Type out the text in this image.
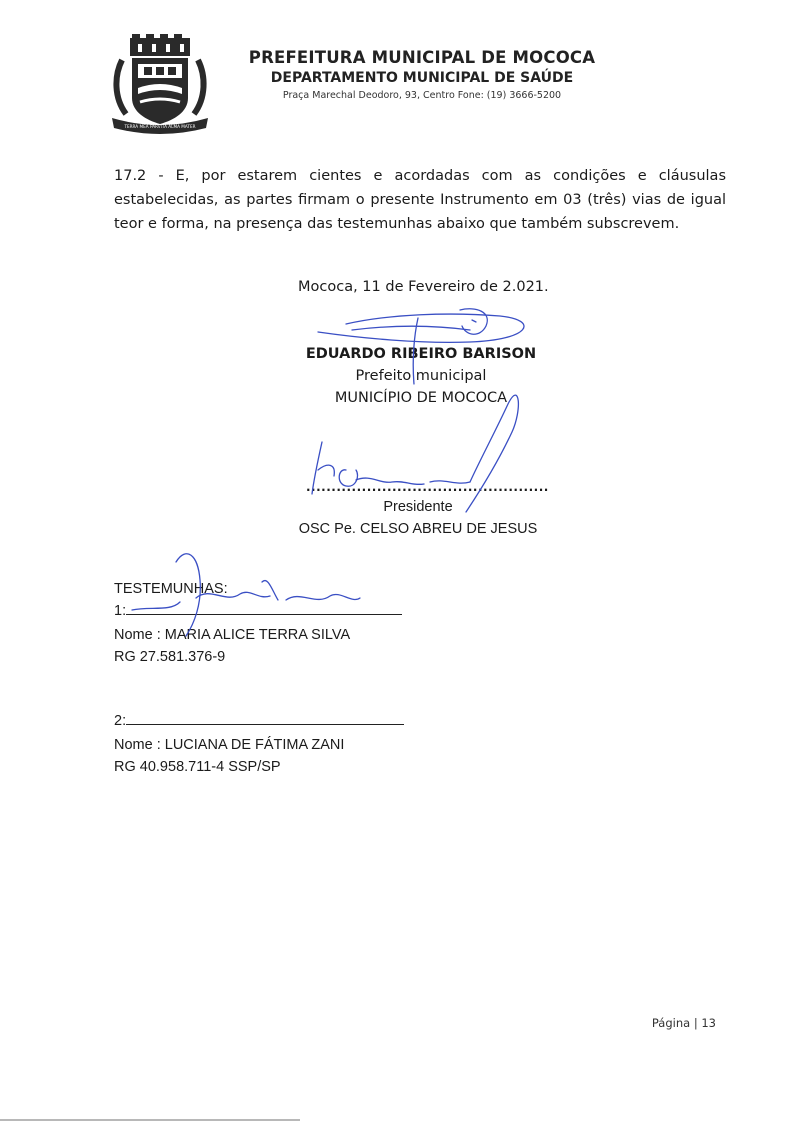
TERRA MEA PARVITA ALMA MATER
PREFEITURA MUNICIPAL DE MOCOCA
DEPARTAMENTO MUNICIPAL DE SAÚDE
Praça Marechal Deodoro, 93, Centro Fone: (19) 3666-5200
17.2 - E, por estarem cientes e acordadas com as condições e cláusulas estabelecidas, as partes firmam o presente Instrumento em 03 (três) vias de igual teor e forma, na presença das testemunhas abaixo que também subscrevem.
Mococa, 11 de Fevereiro de 2.021.
EDUARDO RIBEIRO BARISON
Prefeito municipal
MUNICÍPIO DE MOCOCA
................................................
Presidente
OSC Pe. CELSO ABREU DE JESUS
TESTEMUNHAS:
1:
Nome : MARIA ALICE TERRA SILVA
RG 27.581.376-9
2:
Nome : LUCIANA DE FÁTIMA ZANI
RG 40.958.711-4 SSP/SP
Página | 13
